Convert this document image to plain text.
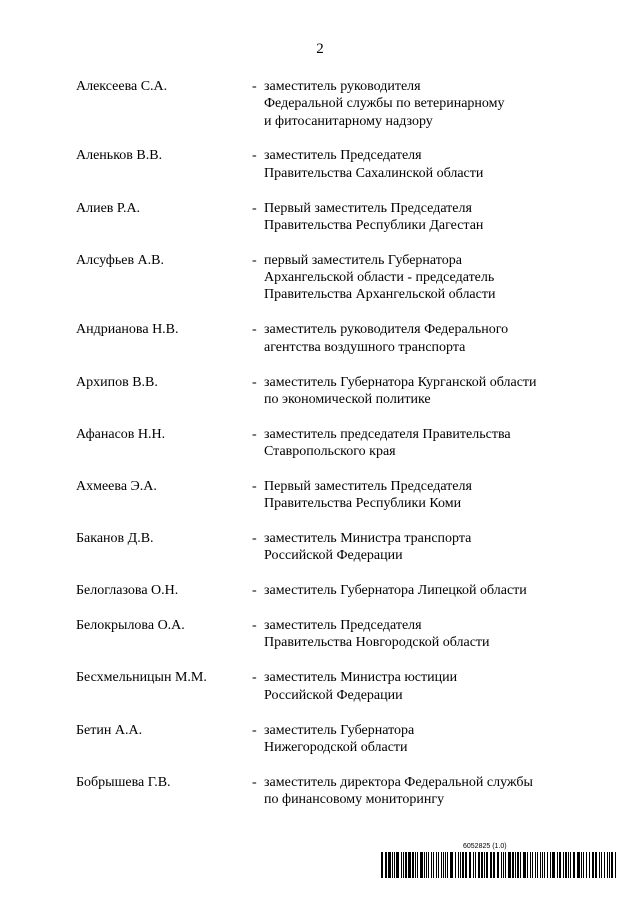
2
Алексеева С.А.	- заместитель руководителя
Федеральной службы по ветеринарному
и фитосанитарному надзору
Аленьков В.В.	- заместитель Председателя
Правительства Сахалинской области
Алиев Р.А.	- Первый заместитель Председателя
Правительства Республики Дагестан
Алсуфьев А.В.	- первый заместитель Губернатора
Архангельской области - председатель
Правительства Архангельской области
Андрианова Н.В.	- заместитель руководителя Федерального
агентства воздушного транспорта
Архипов В.В.	- заместитель Губернатора Курганской области
по экономической политике
Афанасов Н.Н.	- заместитель председателя Правительства
Ставропольского края
Ахмеева Э.А.	- Первый заместитель Председателя
Правительства Республики Коми
Баканов Д.В.	- заместитель Министра транспорта
Российской Федерации
Белоглазова О.Н.	- заместитель Губернатора Липецкой области
Белокрылова О.А.	- заместитель Председателя
Правительства Новгородской области
Бесхмельницын М.М.	- заместитель Министра юстиции
Российской Федерации
Бетин А.А.	- заместитель Губернатора
Нижегородской области
Бобрышева Г.В.	- заместитель директора Федеральной службы
по финансовому мониторингу
6052825 (1.0)
